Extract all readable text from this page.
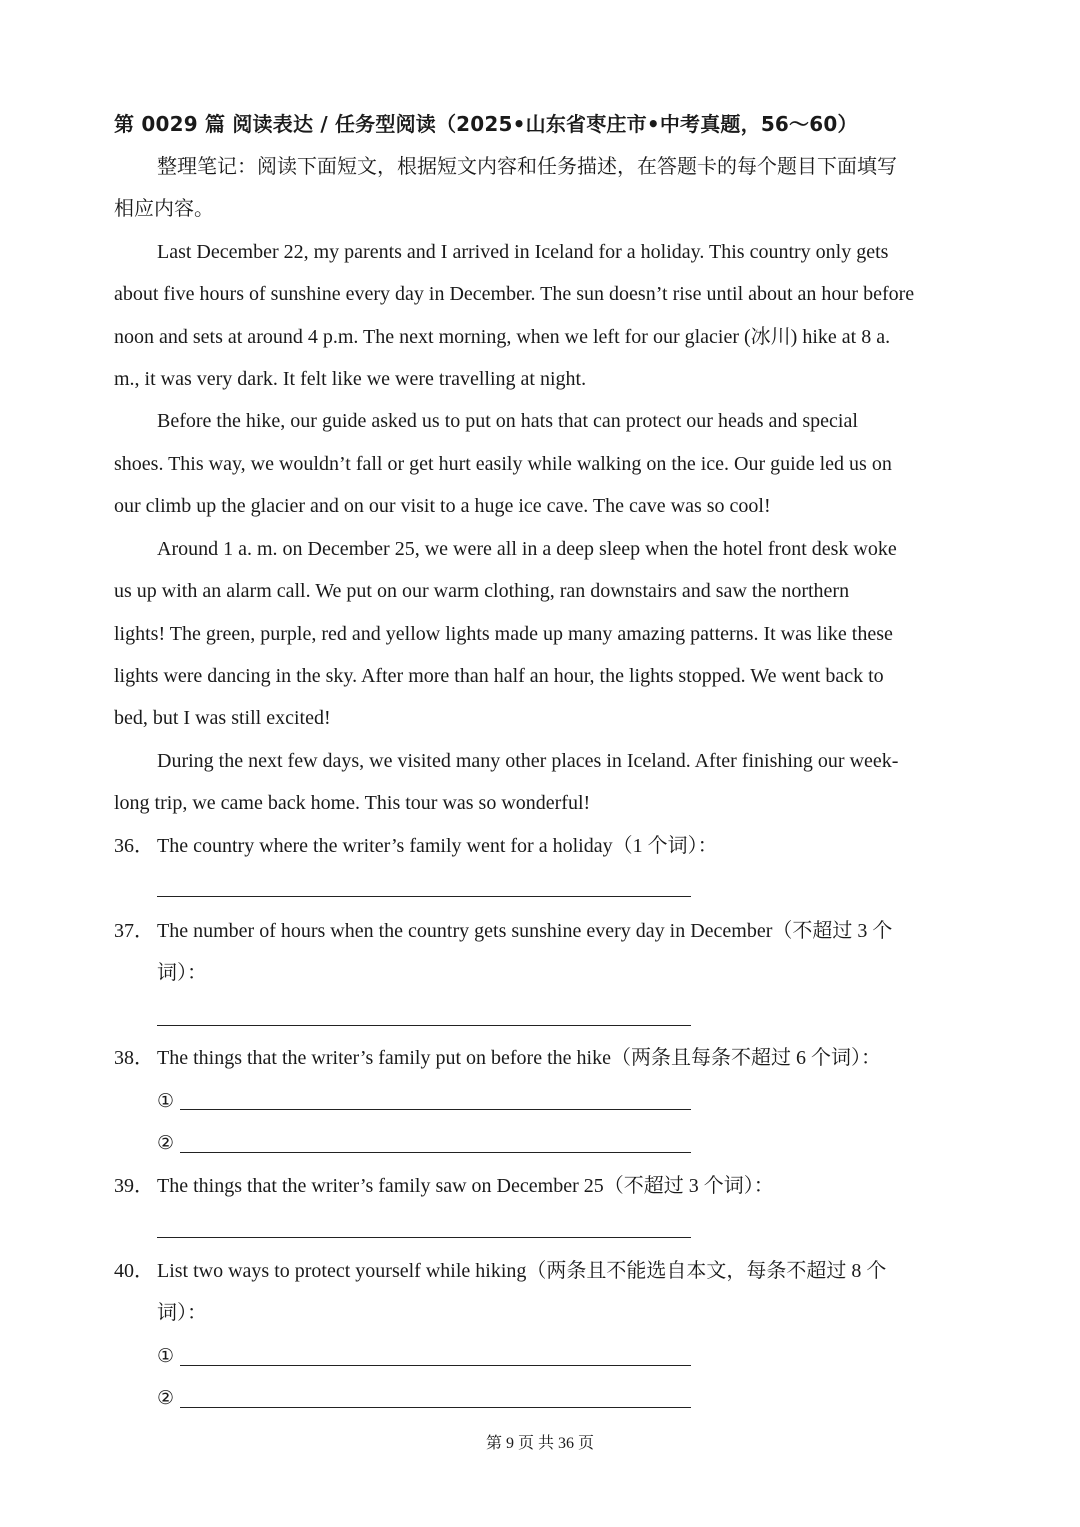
第 0029 篇 阅读表达 / 任务型阅读（2025•山东省枣庄市•中考真题，56～60）
整理笔记：阅读下面短文，根据短文内容和任务描述，在答题卡的每个题目下面填写
相应内容。
Last December 22, my parents and I arrived in Iceland for a holiday. This country only gets
about five hours of sunshine every day in December. The sun doesn’t rise until about an hour before
noon and sets at around 4 p.m. The next morning, when we left for our glacier (冰川) hike at 8 a.
m., it was very dark. It felt like we were travelling at night.
Before the hike, our guide asked us to put on hats that can protect our heads and special
shoes. This way, we wouldn’t fall or get hurt easily while walking on the ice. Our guide led us on
our climb up the glacier and on our visit to a huge ice cave. The cave was so cool!
Around 1 a. m. on December 25, we were all in a deep sleep when the hotel front desk woke
us up with an alarm call. We put on our warm clothing, ran downstairs and saw the northern
lights! The green, purple, red and yellow lights made up many amazing patterns. It was like these
lights were dancing in the sky. After more than half an hour, the lights stopped. We went back to
bed, but I was still excited!
During the next few days, we visited many other places in Iceland. After finishing our week-
long trip, we came back home. This tour was so wonderful!
36． The country where the writer’s family went for a holiday（1 个词）：
37． The number of hours when the country gets sunshine every day in December（不超过 3 个
词）：
38． The things that the writer’s family put on before the hike（两条且每条不超过 6 个词）：
①
②
39． The things that the writer’s family saw on December 25（不超过 3 个词）：
40． List two ways to protect yourself while hiking（两条且不能选自本文，每条不超过 8 个
词）：
①
②
第 9 页 共 36 页
